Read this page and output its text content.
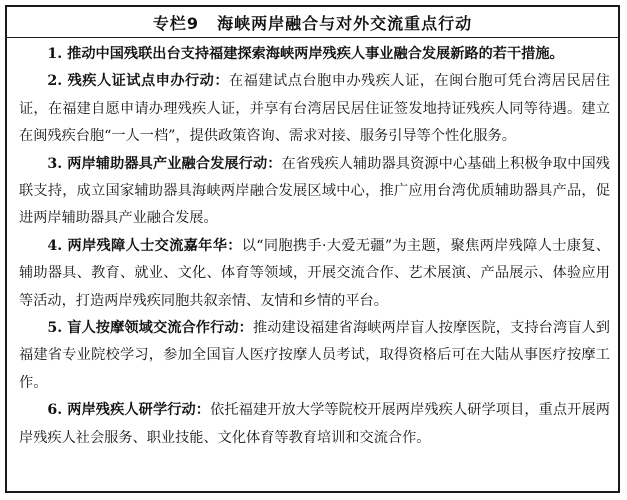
专栏9 海峡两岸融合与对外交流重点行动

1. 推动中国残联出台支持福建探索海峡两岸残疾人事业融合发展新路的若干措施。

2. 残疾人证试点申办行动：在福建试点台胞申办残疾人证，在闽台胞可凭台湾居民居住证，在福建自愿申请办理残疾人证，并享有台湾居民居住证签发地持证残疾人同等待遇。建立在闽残疾台胞“一人一档”，提供政策咨询、需求对接、服务引导等个性化服务。

3. 两岸辅助器具产业融合发展行动：在省残疾人辅助器具资源中心基础上积极争取中国残联支持，成立国家辅助器具海峡两岸融合发展区域中心，推广应用台湾优质辅助器具产品，促进两岸辅助器具产业融合发展。

4. 两岸残障人士交流嘉年华：以“同胞携手·大爱无疆”为主题，聚焦两岸残障人士康复、辅助器具、教育、就业、文化、体育等领域，开展交流合作、艺术展演、产品展示、体验应用等活动，打造两岸残疾同胞共叙亲情、友情和乡情的平台。

5. 盲人按摩领域交流合作行动：推动建设福建省海峡两岸盲人按摩医院，支持台湾盲人到福建省专业院校学习，参加全国盲人医疗按摩人员考试，取得资格后可在大陆从事医疗按摩工作。

6. 两岸残疾人研学行动：依托福建开放大学等院校开展两岸残疾人研学项目，重点开展两岸残疾人社会服务、职业技能、文化体育等教育培训和交流合作。
